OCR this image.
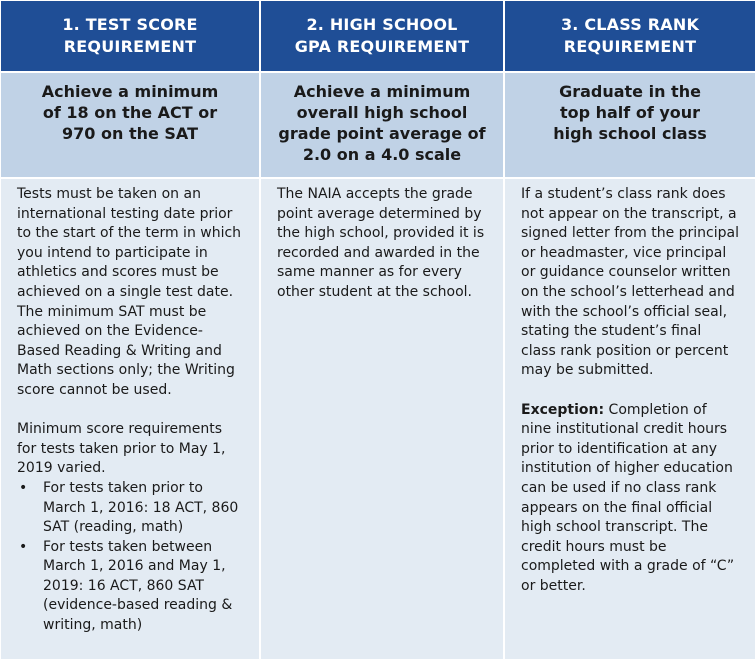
1. TEST SCORE
REQUIREMENT
2. HIGH SCHOOL
GPA REQUIREMENT
3. CLASS RANK
REQUIREMENT
Achieve a minimum of 18 on the ACT or 970 on the SAT
Achieve a minimum overall high school grade point average of 2.0 on a 4.0 scale
Graduate in the top half of your high school class

Tests must be taken on an international testing date prior to the start of the term in which you intend to participate in athletics and scores must be achieved on a single test date. The minimum SAT must be achieved on the Evidence-Based Reading & Writing and Math sections only; the Writing score cannot be used.

Minimum score requirements for tests taken prior to May 1, 2019 varied.

• For tests taken prior to March 1, 2016: 18 ACT, 860 SAT (reading, math)
• For tests taken between March 1, 2016 and May 1, 2019: 16 ACT, 860 SAT (evidence-based reading & writing, math)

The NAIA accepts the grade point average determined by the high school, provided it is recorded and awarded in the same manner as for every other student at the school.

If a student’s class rank does not appear on the transcript, a signed letter from the principal or headmaster, vice principal or guidance counselor written on the school’s letterhead and with the school’s official seal, stating the student’s final class rank position or percent may be submitted.

Exception: Completion of nine institutional credit hours prior to identification at any institution of higher education can be used if no class rank appears on the final official high school transcript. The credit hours must be completed with a grade of “C” or better.
